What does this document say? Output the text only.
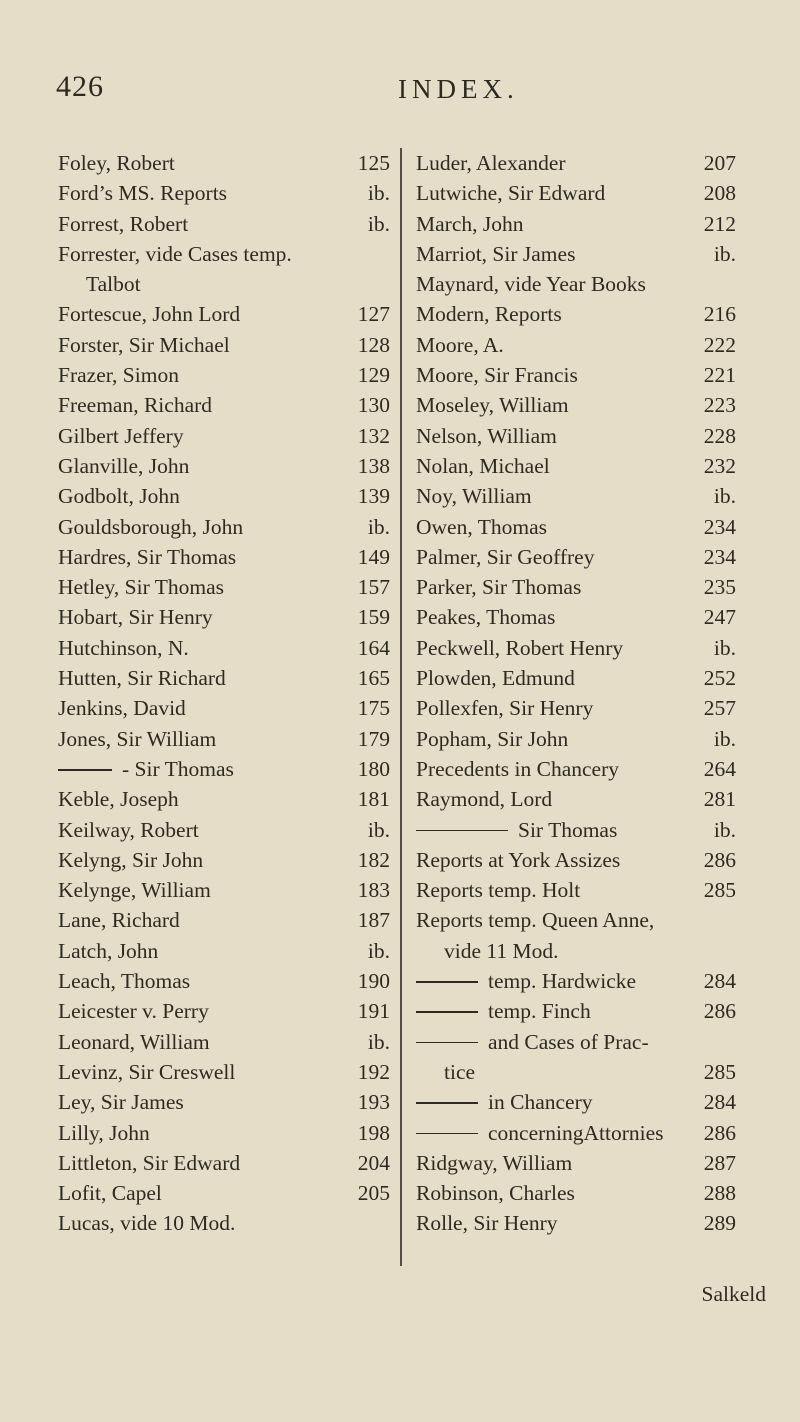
426	INDEX.
Foley, Robert	125
Ford’s MS. Reports	ib.
Forrest, Robert	ib.
Forrester, vide Cases temp.
Talbot
Fortescue, John Lord	127
Forster, Sir Michael	128
Frazer, Simon	129
Freeman, Richard	130
Gilbert Jeffery	132
Glanville, John	138
Godbolt, John	139
Gouldsborough, John	ib.
Hardres, Sir Thomas	149
Hetley, Sir Thomas	157
Hobart, Sir Henry	159
Hutchinson, N.	164
Hutten, Sir Richard	165
Jenkins, David	175
Jones, Sir William	179
- Sir Thomas	180
Keble, Joseph	181
Keilway, Robert	ib.
Kelyng, Sir John	182
Kelynge, William	183
Lane, Richard	187
Latch, John	ib.
Leach, Thomas	190
Leicester v. Perry	191
Leonard, William	ib.
Levinz, Sir Creswell	192
Ley, Sir James	193
Lilly, John	198
Littleton, Sir Edward	204
Lofit, Capel	205
Lucas, vide 10 Mod.
Luder, Alexander	207
Lutwiche, Sir Edward	208
March, John	212
Marriot, Sir James	ib.
Maynard, vide Year Books
Modern, Reports	216
Moore, A.	222
Moore, Sir Francis	221
Moseley, William	223
Nelson, William	228
Nolan, Michael	232
Noy, William	ib.
Owen, Thomas	234
Palmer, Sir Geoffrey	234
Parker, Sir Thomas	235
Peakes, Thomas	247
Peckwell, Robert Henry	ib.
Plowden, Edmund	252
Pollexfen, Sir Henry	257
Popham, Sir John	ib.
Precedents in Chancery	264
Raymond, Lord	281
Sir Thomas	ib.
Reports at York Assizes	286
Reports temp. Holt	285
Reports temp. Queen Anne,
vide 11 Mod.
temp. Hardwicke	284
temp. Finch	286
and Cases of Prac-
tice	285
in Chancery	284
concerningAttornies 286
Ridgway, William	287
Robinson, Charles	288
Rolle, Sir Henry	289
Salkeld
